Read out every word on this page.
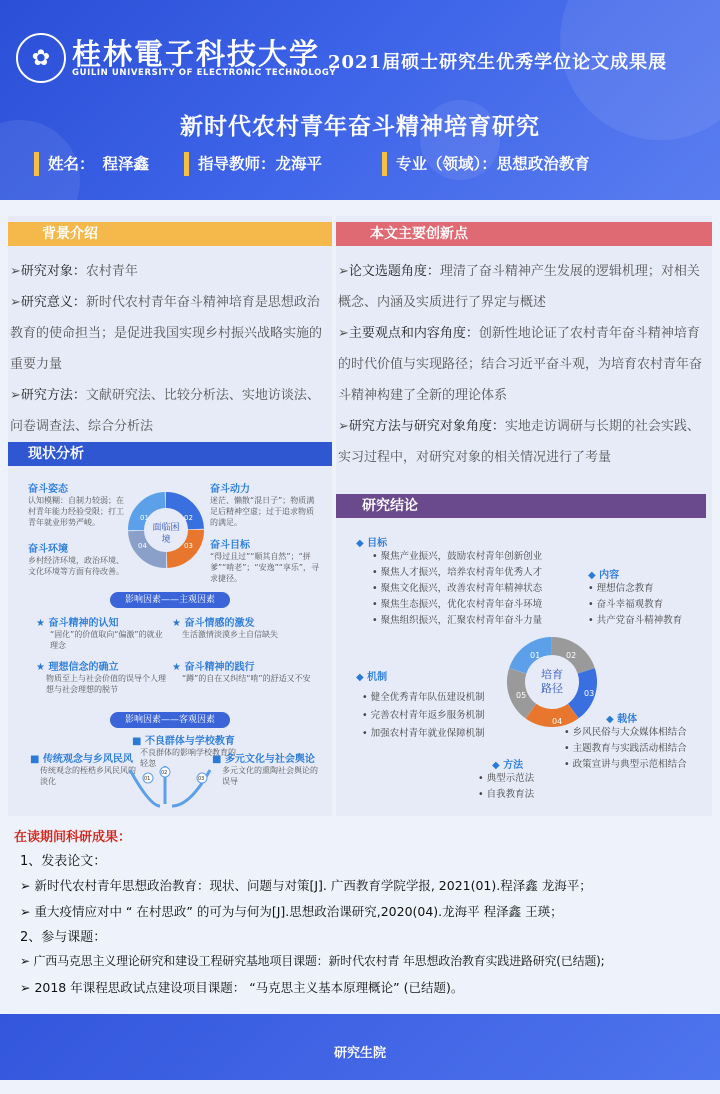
✿ 桂林電子科技大学
GUILIN UNIVERSITY OF ELECTRONIC TECHNOLOGY
2021届硕士研究生优秀学位论文成果展
新时代农村青年奋斗精神培育研究
姓名： 程泽鑫	指导教师：龙海平	专业（领域）：思想政治教育
背景介绍
➢研究对象：农村青年
➢研究意义：新时代农村青年奋斗精神培育是思想政治教育的使命担当；是促进我国实现乡村振兴战略实施的重要力量
➢研究方法：文献研究法、比较分析法、实地访谈法、问卷调查法、综合分析法
现状分析
01	02
03
04
面临困境
奋斗姿态
认知模糊：自制力较弱；在村青年能力经验受限；打工青年就业形势严峻。
奋斗动力
迷茫、懒散“混日子”；物质满足后精神空虚；过于追求物质的满足。
奋斗环境
乡村经济环境，政治环境、文化环境等方面有待改善。
奋斗目标
“得过且过”“顺其自然”；“拼爹”“啃老”；“安逸”“享乐”，寻求捷径。
影响因素——主观因素
★ 奋斗精神的认知
“固化”的价值取向“偏激”的就业理念
★ 奋斗情感的激发
生活激情淡漠乡土自信缺失
★ 理想信念的确立
物质至上与社会价值的误导个人理想与社会理想的脱节
★ 奋斗精神的践行
“蹲”的自在又纠结“啃”的舒适又不安
影响因素——客观因素
■ 不良群体与学校教育
不良群体的影响学校教育的轻忽
■ 传统观念与乡风民风
传统观念的桎梏乡风民风的淡化
■ 多元文化与社会舆论
多元文化的熏陶社会舆论的误导
01
02
03
本文主要创新点
➢论文选题角度：理清了奋斗精神产生发展的逻辑机理；对相关概念、内涵及实质进行了界定与概述
➢主要观点和内容角度：创新性地论证了农村青年奋斗精神培育的时代价值与实现路径；结合习近平奋斗观，为培育农村青年奋斗精神构建了全新的理论体系
➢研究方法与研究对象角度：实地走访调研与长期的社会实践、实习过程中，对研究对象的相关情况进行了考量
研究结论
◆ 目标
• 聚焦产业振兴，鼓励农村青年创新创业
• 聚焦人才振兴，培养农村青年优秀人才
• 聚焦文化振兴，改善农村青年精神状态
• 聚焦生态振兴，优化农村青年奋斗环境
• 聚焦组织振兴，汇聚农村青年奋斗力量
◆ 内容
• 理想信念教育
• 奋斗幸福观教育
• 共产党奋斗精神教育
01	02
03
04
05
培育路径
◆ 机制
• 健全优秀青年队伍建设机制
• 完善农村青年返乡服务机制
• 加强农村青年就业保障机制
◆ 载体
• 乡风民俗与大众媒体相结合
• 主题教育与实践活动相结合
• 政策宣讲与典型示范相结合
◆ 方法
• 典型示范法
• 自我教育法
在读期间科研成果：
1、发表论文：
➢ 新时代农村青年思想政治教育：现状、问题与对策[J]. 广西教育学院学报, 2021(01).程泽鑫 龙海平；
➢ 重大疫情应对中 “ 在村思政” 的可为与何为[J].思想政治课研究,2020(04).龙海平 程泽鑫 王瑛；
2、参与课题：
➢ 广西马克思主义理论研究和建设工程研究基地项目课题：新时代农村青 年思想政治教育实践进路研究(已结题);
➢ 2018 年课程思政试点建设项目课题： “马克思主义基本原理概论” (已结题)。
研究生院
